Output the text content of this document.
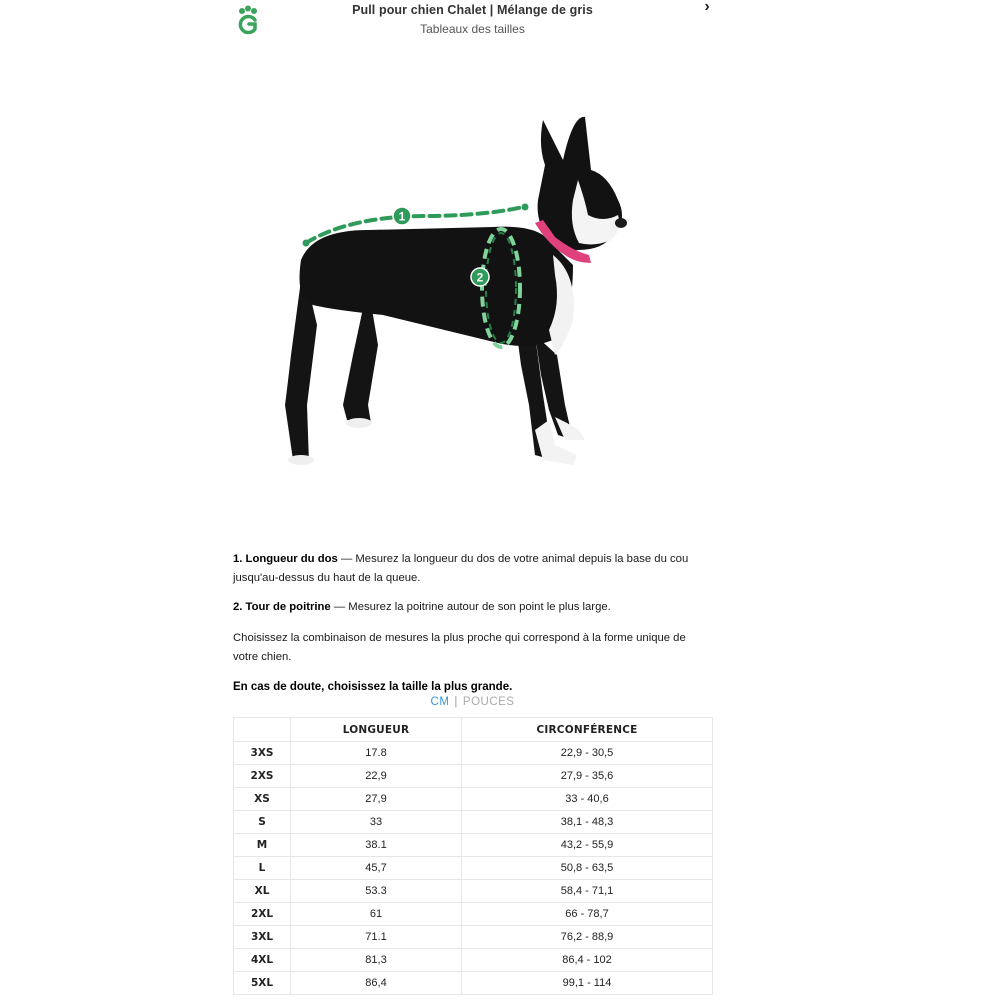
Pull pour chien Chalet | Mélange de gris
Tableaux des tailles
›
1
2
1. Longueur du dos — Mesurez la longueur du dos de votre animal depuis la base du cou jusqu'au-dessus du haut de la queue.
2. Tour de poitrine — Mesurez la poitrine autour de son point le plus large.
Choisissez la combinaison de mesures la plus proche qui correspond à la forme unique de votre chien.
En cas de doute, choisissez la taille la plus grande.
CM | POUCES
	LONGUEUR	CIRCONFÉRENCE
3XS	17.8	22,9 - 30,5
2XS	22,9	27,9 - 35,6
XS	27,9	33 - 40,6
S	33	38,1 - 48,3
M	38.1	43,2 - 55,9
L	45,7	50,8 - 63,5
XL	53.3	58,4 - 71,1
2XL	61	66 - 78,7
3XL	71.1	76,2 - 88,9
4XL	81,3	86,4 - 102
5XL	86,4	99,1 - 114
